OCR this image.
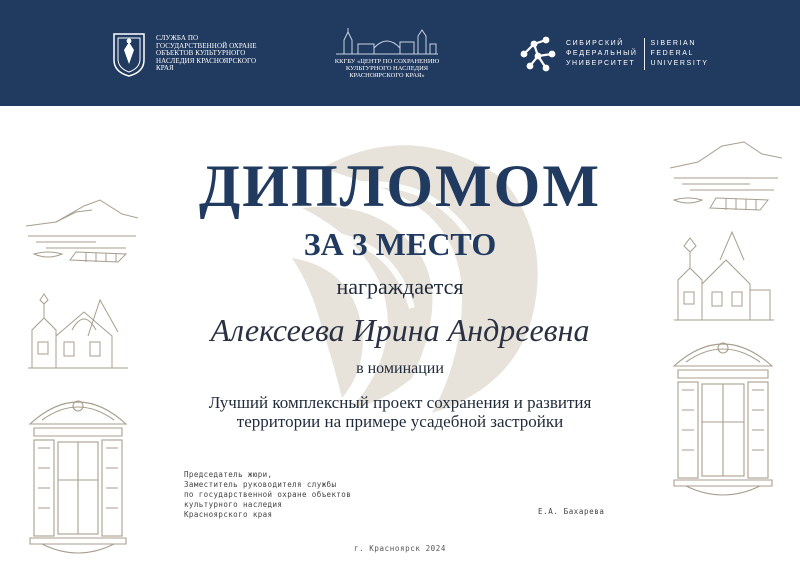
СЛУЖБА ПО ГОСУДАРСТВЕННОЙ ОХРАНЕ ОБЪЕКТОВ КУЛЬТУРНОГО НАСЛЕДИЯ КРАСНОЯРСКОГО КРАЯ
ККГБУ «ЦЕНТР ПО СОХРАНЕНИЮ КУЛЬТУРНОГО НАСЛЕДИЯ КРАСНОЯРСКОГО КРАЯ»
СИБИРСКИЙ
ФЕДЕРАЛЬНЫЙ
УНИВЕРСИТЕТ
SIBERIAN
FEDERAL
UNIVERSITY
ДИПЛОМОМ
ЗА 3 МЕСТО
награждается
Алексеева Ирина Андреевна
в номинации
Лучший комплексный проект сохранения и развития
территории на примере усадебной застройки
Председатель жюри,
Заместитель руководителя службы
по государственной охране объектов
культурного наследия
Красноярского края	Е.А. Бахарева
г. Красноярск 2024
